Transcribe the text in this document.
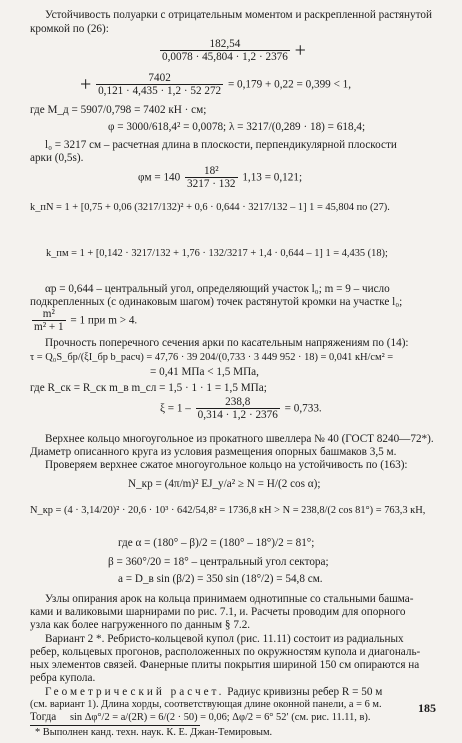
Устойчивость полуарки с отрицательным моментом и раскрепленной растянутой
кромкой по (26):
$\frac{182,54}{0,0078 \cdot 45,804 \cdot 1,2 \cdot 2376}$ +
+ $\frac{7402}{0,121 \cdot 4,435 \cdot 1,2 \cdot 52 272} = 0,179 + 0,22 = 0,399 < 1$,
где M_д = 5907/0,798 = 7402 кН · см;
φ = 3000/618,4² = 0,0078; λ = 3217/(0,289 · 18) = 618,4;
l₀ = 3217 см – расчетная длина в плоскости, перпендикулярной плоскости
арки (0,5s).
$\varphi м = 140 \frac{\text{18²}}{3217 \cdot 132} 1,13 = 0,121$;
k_пN = 1 + [0,75 + 0,06 (3217/132)² + 0,6 · 0,644 · 3217/132 – 1] 1 = 45,804 по (27).
k_пм = 1 + [0,142 · 3217/132 + 1,76 · 132/3217 + 1,4 · 0,644 – 1] 1 = 4,435 (18);
αр = 0,644 – центральный угол, определяющий участок l₀; m = 9 – число
подкрепленных (с одинаковым шагом) точек растянутой кромки на участке l₀;
$\frac{\text{m²}}{\text{m² + 1}} = 1$ при m > 4.
Прочность поперечного сечения арки по касательным напряжениям по (14):
τ = Q₀S_бр/(ξI_бр b_расч) = 47,76 · 39 204/(0,733 · 3 449 952 · 18) = 0,041 кН/см² =
= 0,41 МПа < 1,5 МПа,
где R_ск = R_ск m_в m_сл = 1,5 · 1 · 1 = 1,5 МПа;
$\xi = 1 - \frac{238,8}{0,314 \cdot 1,2 \cdot 2376} = 0,733$.
Верхнее кольцо многоугольное из прокатного швеллера № 40 (ГОСТ 8240—72*).
Диаметр описанного круга из условия размещения опорных башмаков 3,5 м.
Проверяем верхнее сжатое многоугольное кольцо на устойчивость по (163):
N_кр = (4π/m)² EJ_y/a² ≥ N = H/(2 cos α);
N_кр = (4 · 3,14/20)² · 20,6 · 10³ · 642/54,8² = 1736,8 кН > N = 238,8/(2 cos 81°) = 763,3 кН,
где α = (180° – β)/2 = (180° – 18°)/2 = 81°;
β = 360°/20 = 18° – центральный угол сектора;
a = D_в sin (β/2) = 350 sin (18°/2) = 54,8 см.
Узлы опирания арок на кольца принимаем однотипные со стальными башма-
ками и валиковыми шарнирами по рис. 7.1, и. Расчеты проводим для опорного
узла как более нагруженного по данным § 7.2.
Вариант 2 *. Ребристо-кольцевой купол (рис. 11.11) состоит из радиальных
ребер, кольцевых прогонов, расположенных по окружностям купола и диагональ-
ных элементов связей. Фанерные плиты покрытия шириной 150 см опираются на
ребра купола.
Геометрический расчет. Радиус кривизны ребер R = 50 м
(см. вариант 1). Длина хорды, соответствующая длине оконной панели, a = 6 м.
Тогда sin Δφ°/2 = a/(2R) = 6/(2 · 50) = 0,06; Δφ/2 = 6° 52′ (см. рис. 11.11, в).
* Выполнен канд. техн. наук. К. Е. Джан-Темировым.
185
